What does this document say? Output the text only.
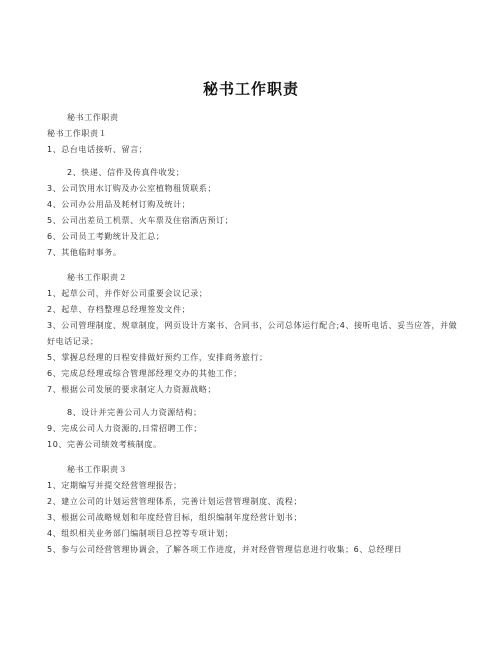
秘书工作职责
秘书工作职责
秘书工作职责１
1、总台电话接听、留言；
2、快递、信件及传真件收发；
3、公司饮用水订购及办公室植物租赁联系；
4、公司办公用品及耗材订购及统计；
5、公司出差员工机票、火车票及住宿酒店预订；
6、公司员工考勤统计及汇总；
7、其他临时事务。
秘书工作职责２
1、起草公司，并作好公司重要会议记录；
2、起草、存档整理总经理签发文件；
3、公司管理制度、规章制度，网页设计方案书、合同书，公司总体运行配合;4、接听电话、妥当应答，并做好电话记录；
5、掌握总经理的日程安排做好预约工作，安排商务旅行；
6、完成总经理或综合管理部经理交办的其他工作；
7、根据公司发展的要求制定人力资源战略；
8、设计并完善公司人力资源结构；
9、完成公司人力资源的,日常招聘工作；
10、完善公司绩效考核制度。
秘书工作职责３
1、定期编写并提交经营管理报告；
2、建立公司的计划运营管理体系，完善计划运营管理制度、流程；
3、根据公司战略规划和年度经营目标，组织编制年度经营计划书；
4、组织相关业务部门编制项目总控等专项计划；
5、参与公司经营管理协调会，了解各项工作进度，并对经营管理信息进行收集；6、总经理日
